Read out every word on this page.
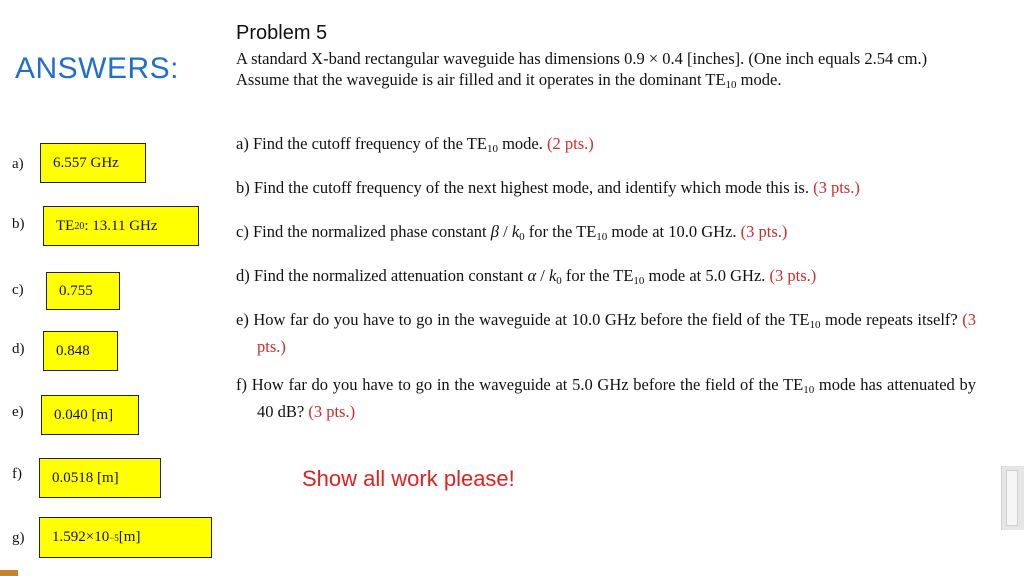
ANSWERS:
a) 6.557 GHz
b) TE 20 : 13.11 GHz
c) 0.755
d) 0.848
e) 0.040 [m]
f) 0.0518 [m]
g) 1.592×10 −5 [m]
Problem 5
A standard X-band rectangular waveguide has dimensions 0.9 × 0.4 [inches]. (One inch equals 2.54 cm.) Assume that the waveguide is air filled and it operates in the dominant $TE_{10}$ mode.
a) Find the cutoff frequency of the $TE_{10}$ mode. (2 pts.)
b) Find the cutoff frequency of the next highest mode, and identify which mode this is. (3 pts.)
c) Find the normalized phase constant β / $k_0$ for the $TE_{10}$ mode at 10.0 GHz. (3 pts.)
d) Find the normalized attenuation constant α / $k_0$ for the $TE_{10}$ mode at 5.0 GHz. (3 pts.)
e) How far do you have to go in the waveguide at 10.0 GHz before the field of the $TE_{10}$ mode repeats itself? (3 pts.)
f) How far do you have to go in the waveguide at 5.0 GHz before the field of the $TE_{10}$ mode has attenuated by 40 dB? (3 pts.)
Show all work please!
